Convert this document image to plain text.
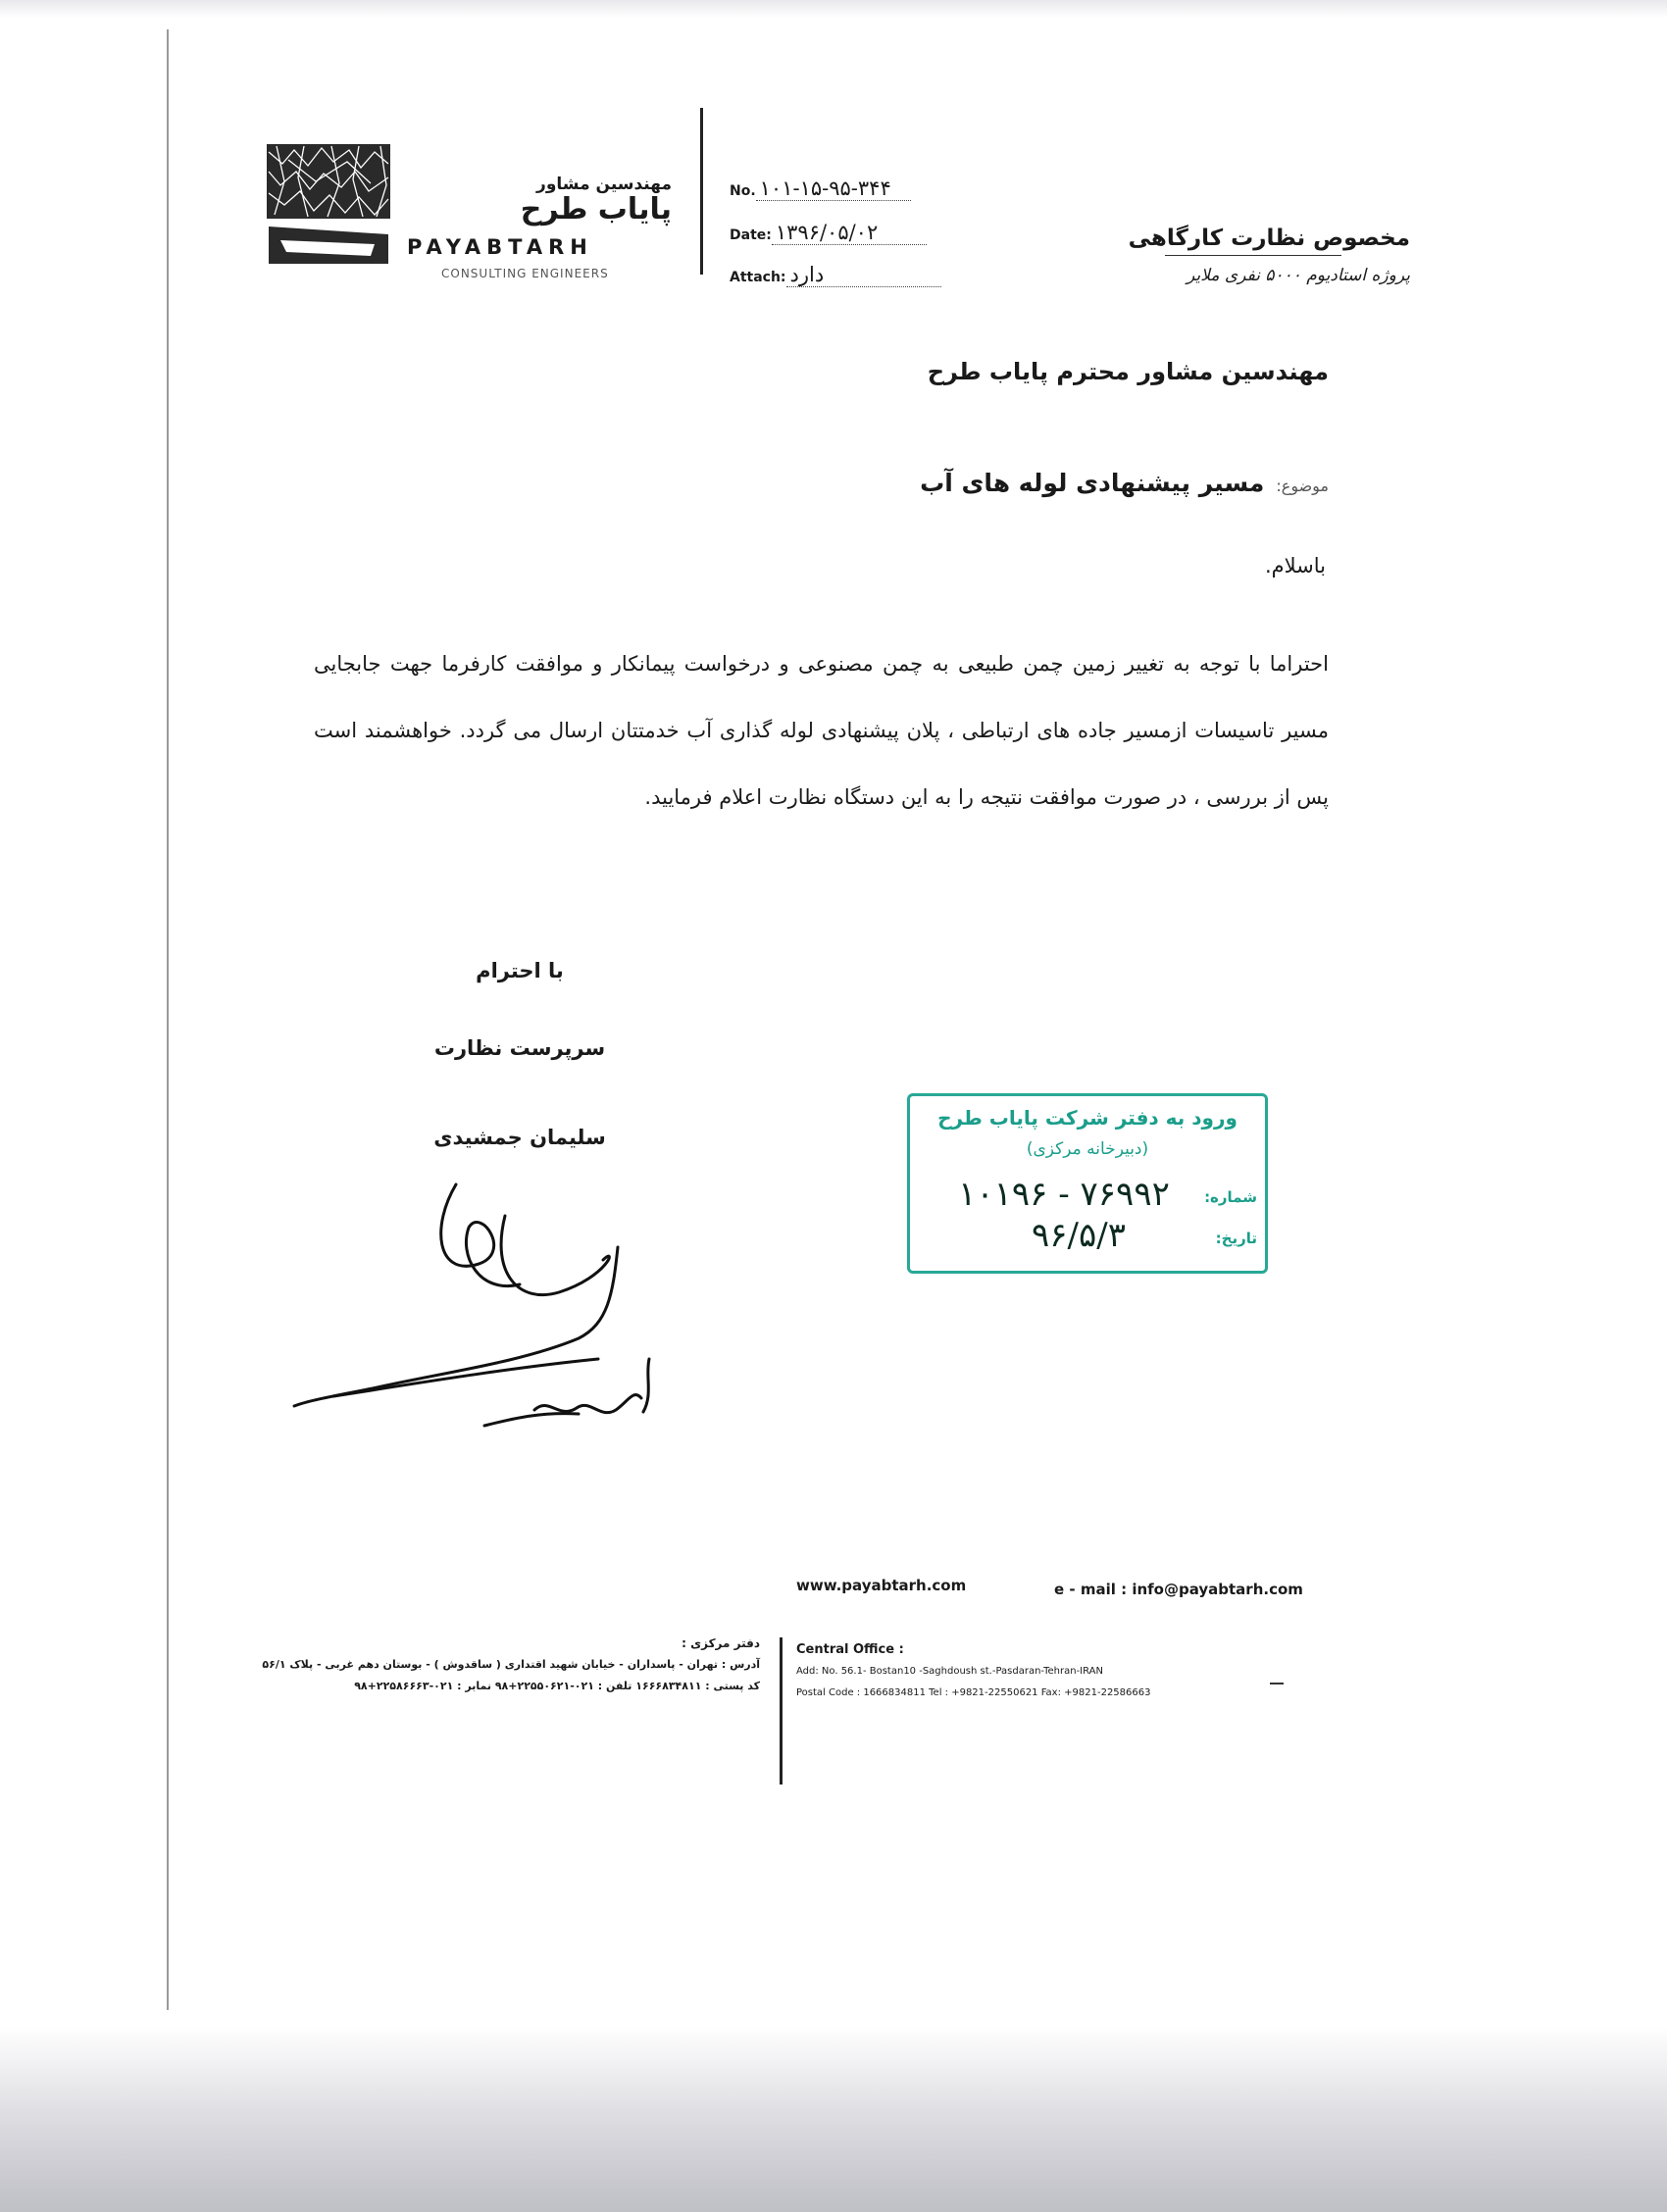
مهندسین مشاور
پایاب طرح
PAYABTARH
CONSULTING ENGINEERS
No. ۱۰۱-۱۵-۹۵-۳۴۴
Date: ۱۳۹۶/۰۵/۰۲
Attach: دارد
مخصوص نظارت کارگاهی
پروژه استادیوم ۵۰۰۰ نفری ملایر
مهندسین مشاور محترم پایاب طرح
موضوع:مسیر پیشنهادی لوله های آب
باسلام.
احتراما با توجه به تغییر زمین چمن طبیعی به چمن مصنوعی و درخواست پیمانکار و موافقت کارفرما جهت جابجایی مسیر تاسیسات ازمسیر جاده های ارتباطی ، پلان پیشنهادی لوله گذاری آب خدمتتان ارسال می گردد. خواهشمند است پس از بررسی ، در صورت موافقت نتیجه را به این دستگاه نظارت اعلام فرمایید.
با احترام
سرپرست نظارت
سلیمان جمشیدی
ورود به دفتر شرکت پایاب طرح
(دبیرخانه مرکزی)
شماره:
تاریخ:
۱۰۱۹۶ - ۷۶۹۹۲
۹۶/۵/۳
www.payabtarh.com	e - mail : info@payabtarh.com
Central Office :
Add: No. 56.1- Bostan10 -Saghdoush st.-Pasdaran-Tehran-IRAN
Postal Code : 1666834811 Tel : +9821-22550621 Fax: +9821-22586663
دفتر مرکزی :
آدرس : تهران - پاسداران - خیابان شهید اقتداری ( ساقدوش ) - بوستان دهم غربی - پلاک ۵۶/۱
کد پستی : ۱۶۶۶۸۳۴۸۱۱ تلفن : ۰۲۱-۲۲۵۵۰۶۲۱+۹۸ نمابر : ۰۲۱-۲۲۵۸۶۶۶۳+۹۸
